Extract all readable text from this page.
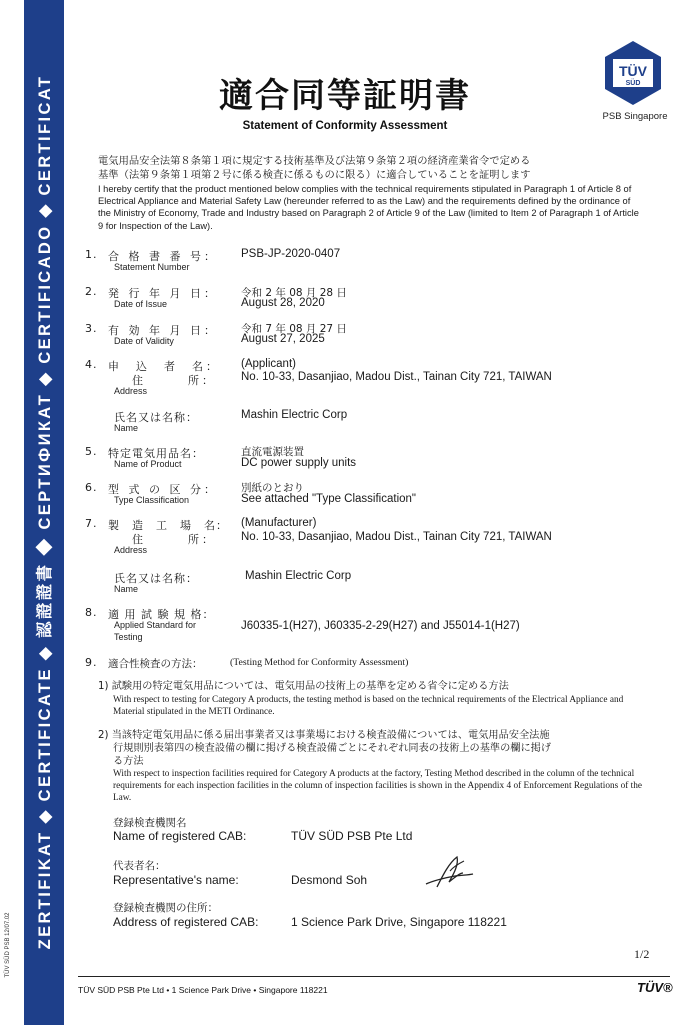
ZERTIFIKAT ◆ CERTIFICATE ◆ 認證證書 ◆ СЕРТИФИКАТ ◆ CERTIFICADO ◆ CERTIFICAT
TÜV SÜD PSB 12/07.02
適合同等証明書
Statement of Conformity Assessment
TÜV
SÜD
PSB Singapore
電気用品安全法第８条第１項に規定する技術基準及び法第９条第２項の経済産業省令で定める
基準（法第９条第１項第２号に係る検査に係るものに限る）に適合していることを証明します
I hereby certify that the product mentioned below complies with the technical requirements stipulated in Paragraph 1 of Article 8 of Electrical Appliance and Material Safety Law (hereunder referred to as the Law) and the requirements defined by the ordinance of the Ministry of Economy, Trade and Industry based on Paragraph 2 of Article 9 of the Law (limited to Item 2 of Paragraph 1 of Article 9 for Inspection of the Law).
1. 合 格 書 番 号：
Statement Number
PSB-JP-2020-0407
2. 発 行 年 月 日：
Date of Issue
令和 2 年 08 月 28 日
August 28, 2020
3. 有 効 年 月 日：
Date of Validity
令和 7 年 08 月 27 日
August 27, 2025
4. 申　込　者　名： (Applicant)
住　　　所：
Address
No. 10-33, Dasanjiao, Madou Dist., Tainan City 721, TAIWAN
氏名又は名称：
Name
Mashin Electric Corp
5. 特定電気用品名：
Name of Product
直流電源装置
DC power supply units
6. 型 式 の 区 分：
Type Classification
別紙のとおり
See attached "Type Classification"
7. 製　造　工　場　名： (Manufacturer)
住　　　所：
Address
No. 10-33, Dasanjiao, Madou Dist., Tainan City 721, TAIWAN
氏名又は名称：
Name
Mashin Electric Corp
8. 適 用 試 験 規 格：
Applied Standard for
Testing
J60335-1(H27), J60335-2-29(H27) and J55014-1(H27)
9. 適合性検査の方法：	(Testing Method for Conformity Assessment)
1) 試験用の特定電気用品については、電気用品の技術上の基準を定める省令に定める方法
With respect to testing for Category A products, the testing method is based on the technical requirements of the Electrical Appliance and Material stipulated in the METI Ordinance.
2) 当該特定電気用品に係る届出事業者又は事業場における検査設備については、電気用品安全法施
行規則別表第四の検査設備の欄に掲げる検査設備ごとにそれぞれ同表の技術上の基準の欄に掲げ
る方法
With respect to inspection facilities required for Category A products at the factory, Testing Method described in the column of the technical requirements for each inspection facilities in the column of inspection facilities is shown in the Appendix 4 of Enforcement Regulations of the Law.
登録検査機関名
Name of registered CAB:	TÜV SÜD PSB Pte Ltd
代表者名：
Representative's name:	Desmond Soh
登録検査機関の住所：
Address of registered CAB:	1 Science Park Drive, Singapore 118221
1/2
TÜV SÜD PSB Pte Ltd • 1 Science Park Drive • Singapore 118221	TÜV®
